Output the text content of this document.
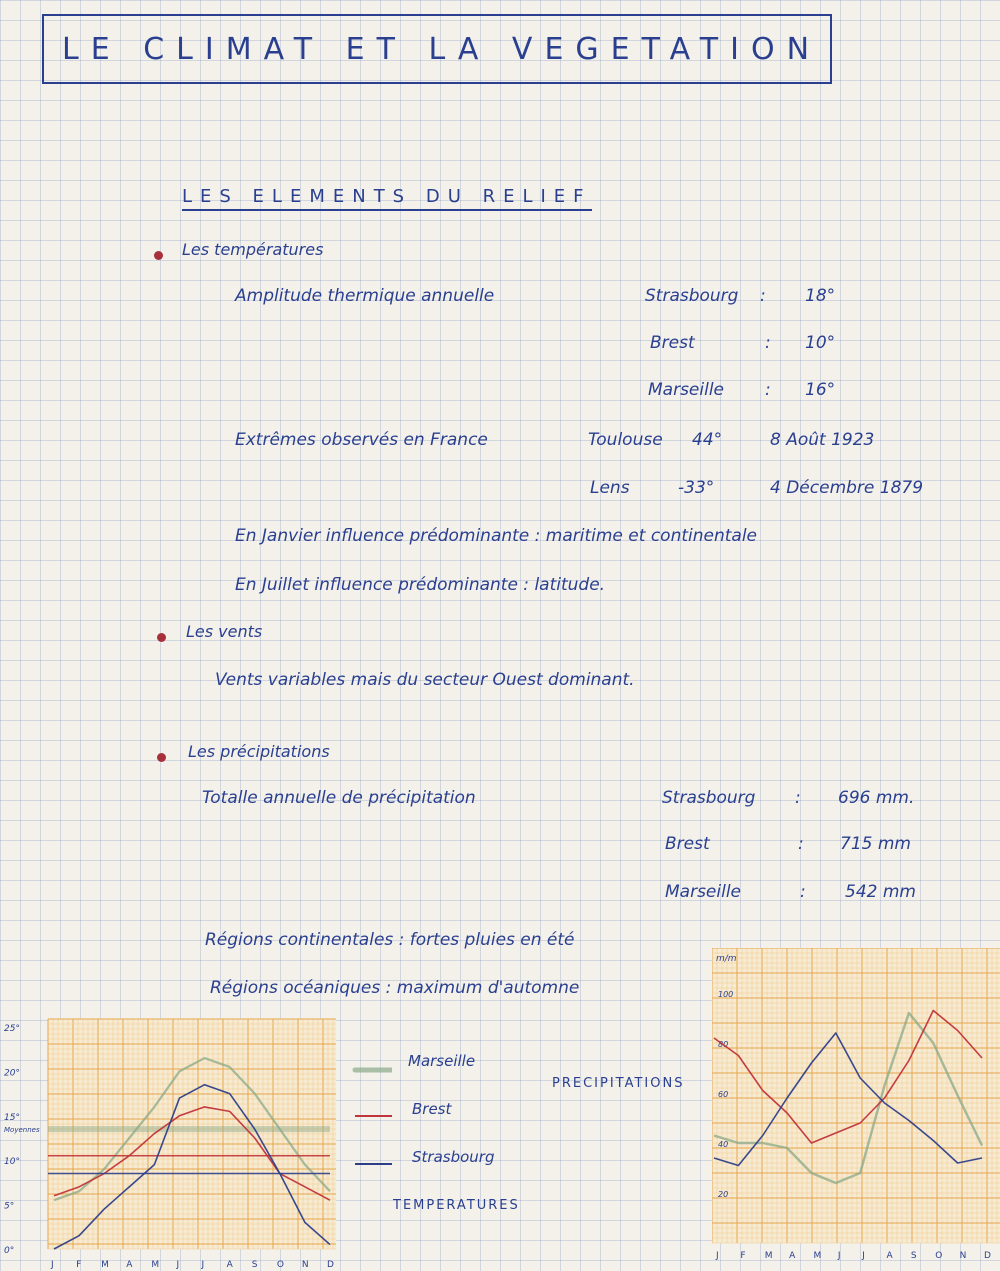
LE CLIMAT ET LA VEGETATION
LES ELEMENTS DU RELIEF
Les températures
Amplitude thermique annuelle	Strasbourg : 18°
Brest	: 10°
Marseille : 16°
Extrêmes observés en France	Toulouse 44°	8 Août 1923
Lens	-33°	4 Décembre 1879
En Janvier influence prédominante : maritime et continentale
En Juillet influence prédominante : latitude.
Les vents
Vents variables mais du secteur Ouest dominant.
Les précipitations
Totalle annuelle de précipitation	Strasbourg : 696 mm.
Brest	: 715 mm
Marseille	: 542 mm
Régions continentales : fortes pluies en été
Régions océaniques : maximum d'automne
25°
20°
15°
10°
5°
0°
Moyennes
J F M A M J J A S O N D
Marseille
Brest
Strasbourg
PRECIPITATIONS
TEMPERATURES
m/m
100
80
60
40
20
J F M A M J J A S O N D
